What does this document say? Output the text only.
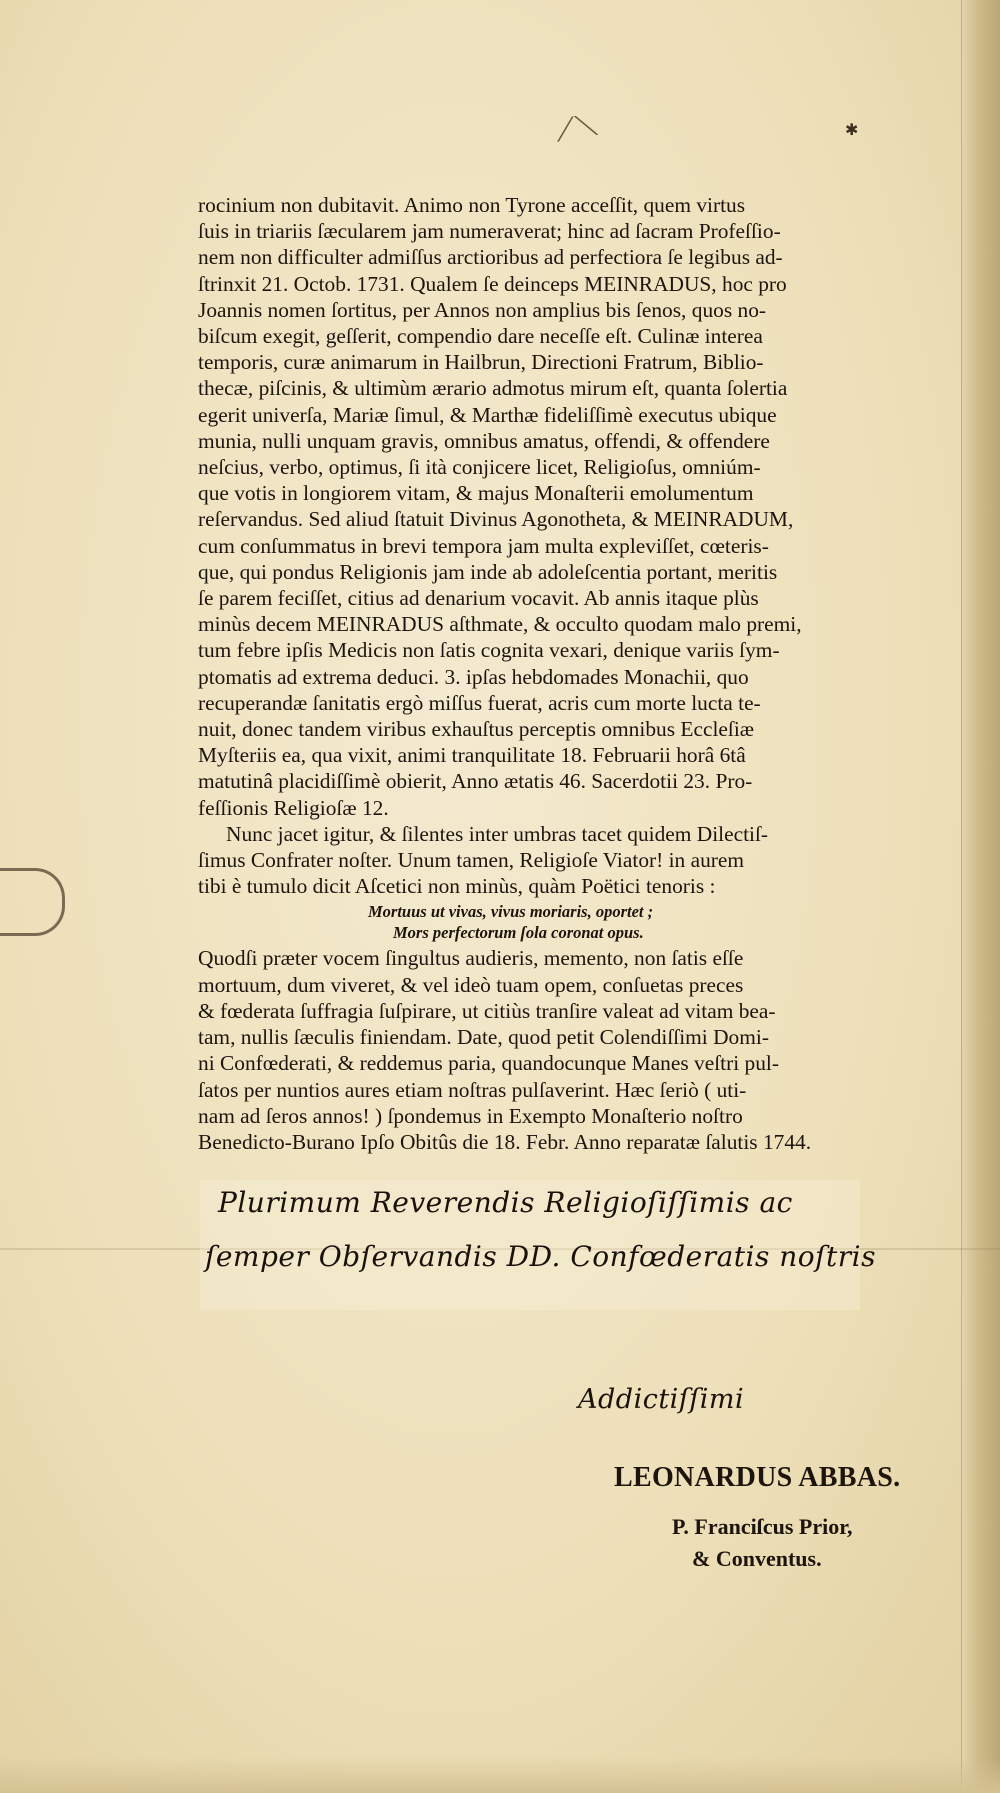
⟋⟍	✱

rocinium non dubitavit. Animo non Tyrone acceſſit, quem virtus
ſuis in triariis ſæcularem jam numeraverat; hinc ad ſacram Profeſſio-
nem non difficulter admiſſus arctioribus ad perfectiora ſe legibus ad-
ſtrinxit 21. Octob. 1731. Qualem ſe deinceps MEINRADUS, hoc pro
Joannis nomen ſortitus, per Annos non amplius bis ſenos, quos no-
biſcum exegit, geſſerit, compendio dare neceſſe eſt. Culinæ interea
temporis, curæ animarum in Hailbrun, Directioni Fratrum, Biblio-
thecæ, piſcinis, & ultimùm ærario admotus mirum eſt, quanta ſolertia
egerit univerſa, Mariæ ſimul, & Marthæ fideliſſimè executus ubique
munia, nulli unquam gravis, omnibus amatus, offendi, & offendere
neſcius, verbo, optimus, ſi ità conjicere licet, Religioſus, omniúm-
que votis in longiorem vitam, & majus Monaſterii emolumentum
reſervandus. Sed aliud ſtatuit Divinus Agonotheta, & MEINRADUM,
cum conſummatus in brevi tempora jam multa expleviſſet, cœteris-
que, qui pondus Religionis jam inde ab adoleſcentia portant, meritis
ſe parem feciſſet, citius ad denarium vocavit. Ab annis itaque plùs
minùs decem MEINRADUS aſthmate, & occulto quodam malo premi,
tum febre ipſis Medicis non ſatis cognita vexari, denique variis ſym-
ptomatis ad extrema deduci. 3. ipſas hebdomades Monachii, quo
recuperandæ ſanitatis ergò miſſus fuerat, acris cum morte lucta te-
nuit, donec tandem viribus exhauſtus perceptis omnibus Eccleſiæ
Myſteriis ea, qua vixit, animi tranquilitate 18. Februarii horâ 6tâ
matutinâ placidiſſimè obierit, Anno ætatis 46. Sacerdotii 23. Pro-
feſſionis Religioſæ 12.

Nunc jacet igitur, & ſilentes inter umbras tacet quidem Dilectiſ-
ſimus Confrater noſter. Unum tamen, Religioſe Viator! in aurem
tibi è tumulo dicit Aſcetici non minùs, quàm Poëtici tenoris :

Mortuus ut vivas, vivus moriaris, oportet ;
Mors perfectorum ſola coronat opus.

Quodſi præter vocem ſingultus audieris, memento, non ſatis eſſe
mortuum, dum viveret, & vel ideò tuam opem, conſuetas preces
& fœderata ſuffragia ſuſpirare, ut citiùs tranſire valeat ad vitam bea-
tam, nullis ſæculis finiendam. Date, quod petit Colendiſſimi Domi-
ni Confœderati, & reddemus paria, quandocunque Manes veſtri pul-
ſatos per nuntios aures etiam noſtras pulſaverint. Hæc ſeriò ( uti-
nam ad ſeros annos! ) ſpondemus in Exempto Monaſterio noſtro
Benedicto-Burano Ipſo Obitûs die 18. Febr. Anno reparatæ ſalutis 1744.

Plurimum Reverendis Religioſiſſimis ac
ſemper Obſervandis DD. Confœderatis noſtris
Addictiſſimi
LEONARDUS ABBAS.
P. Franciſcus Prior,
& Conventus.
